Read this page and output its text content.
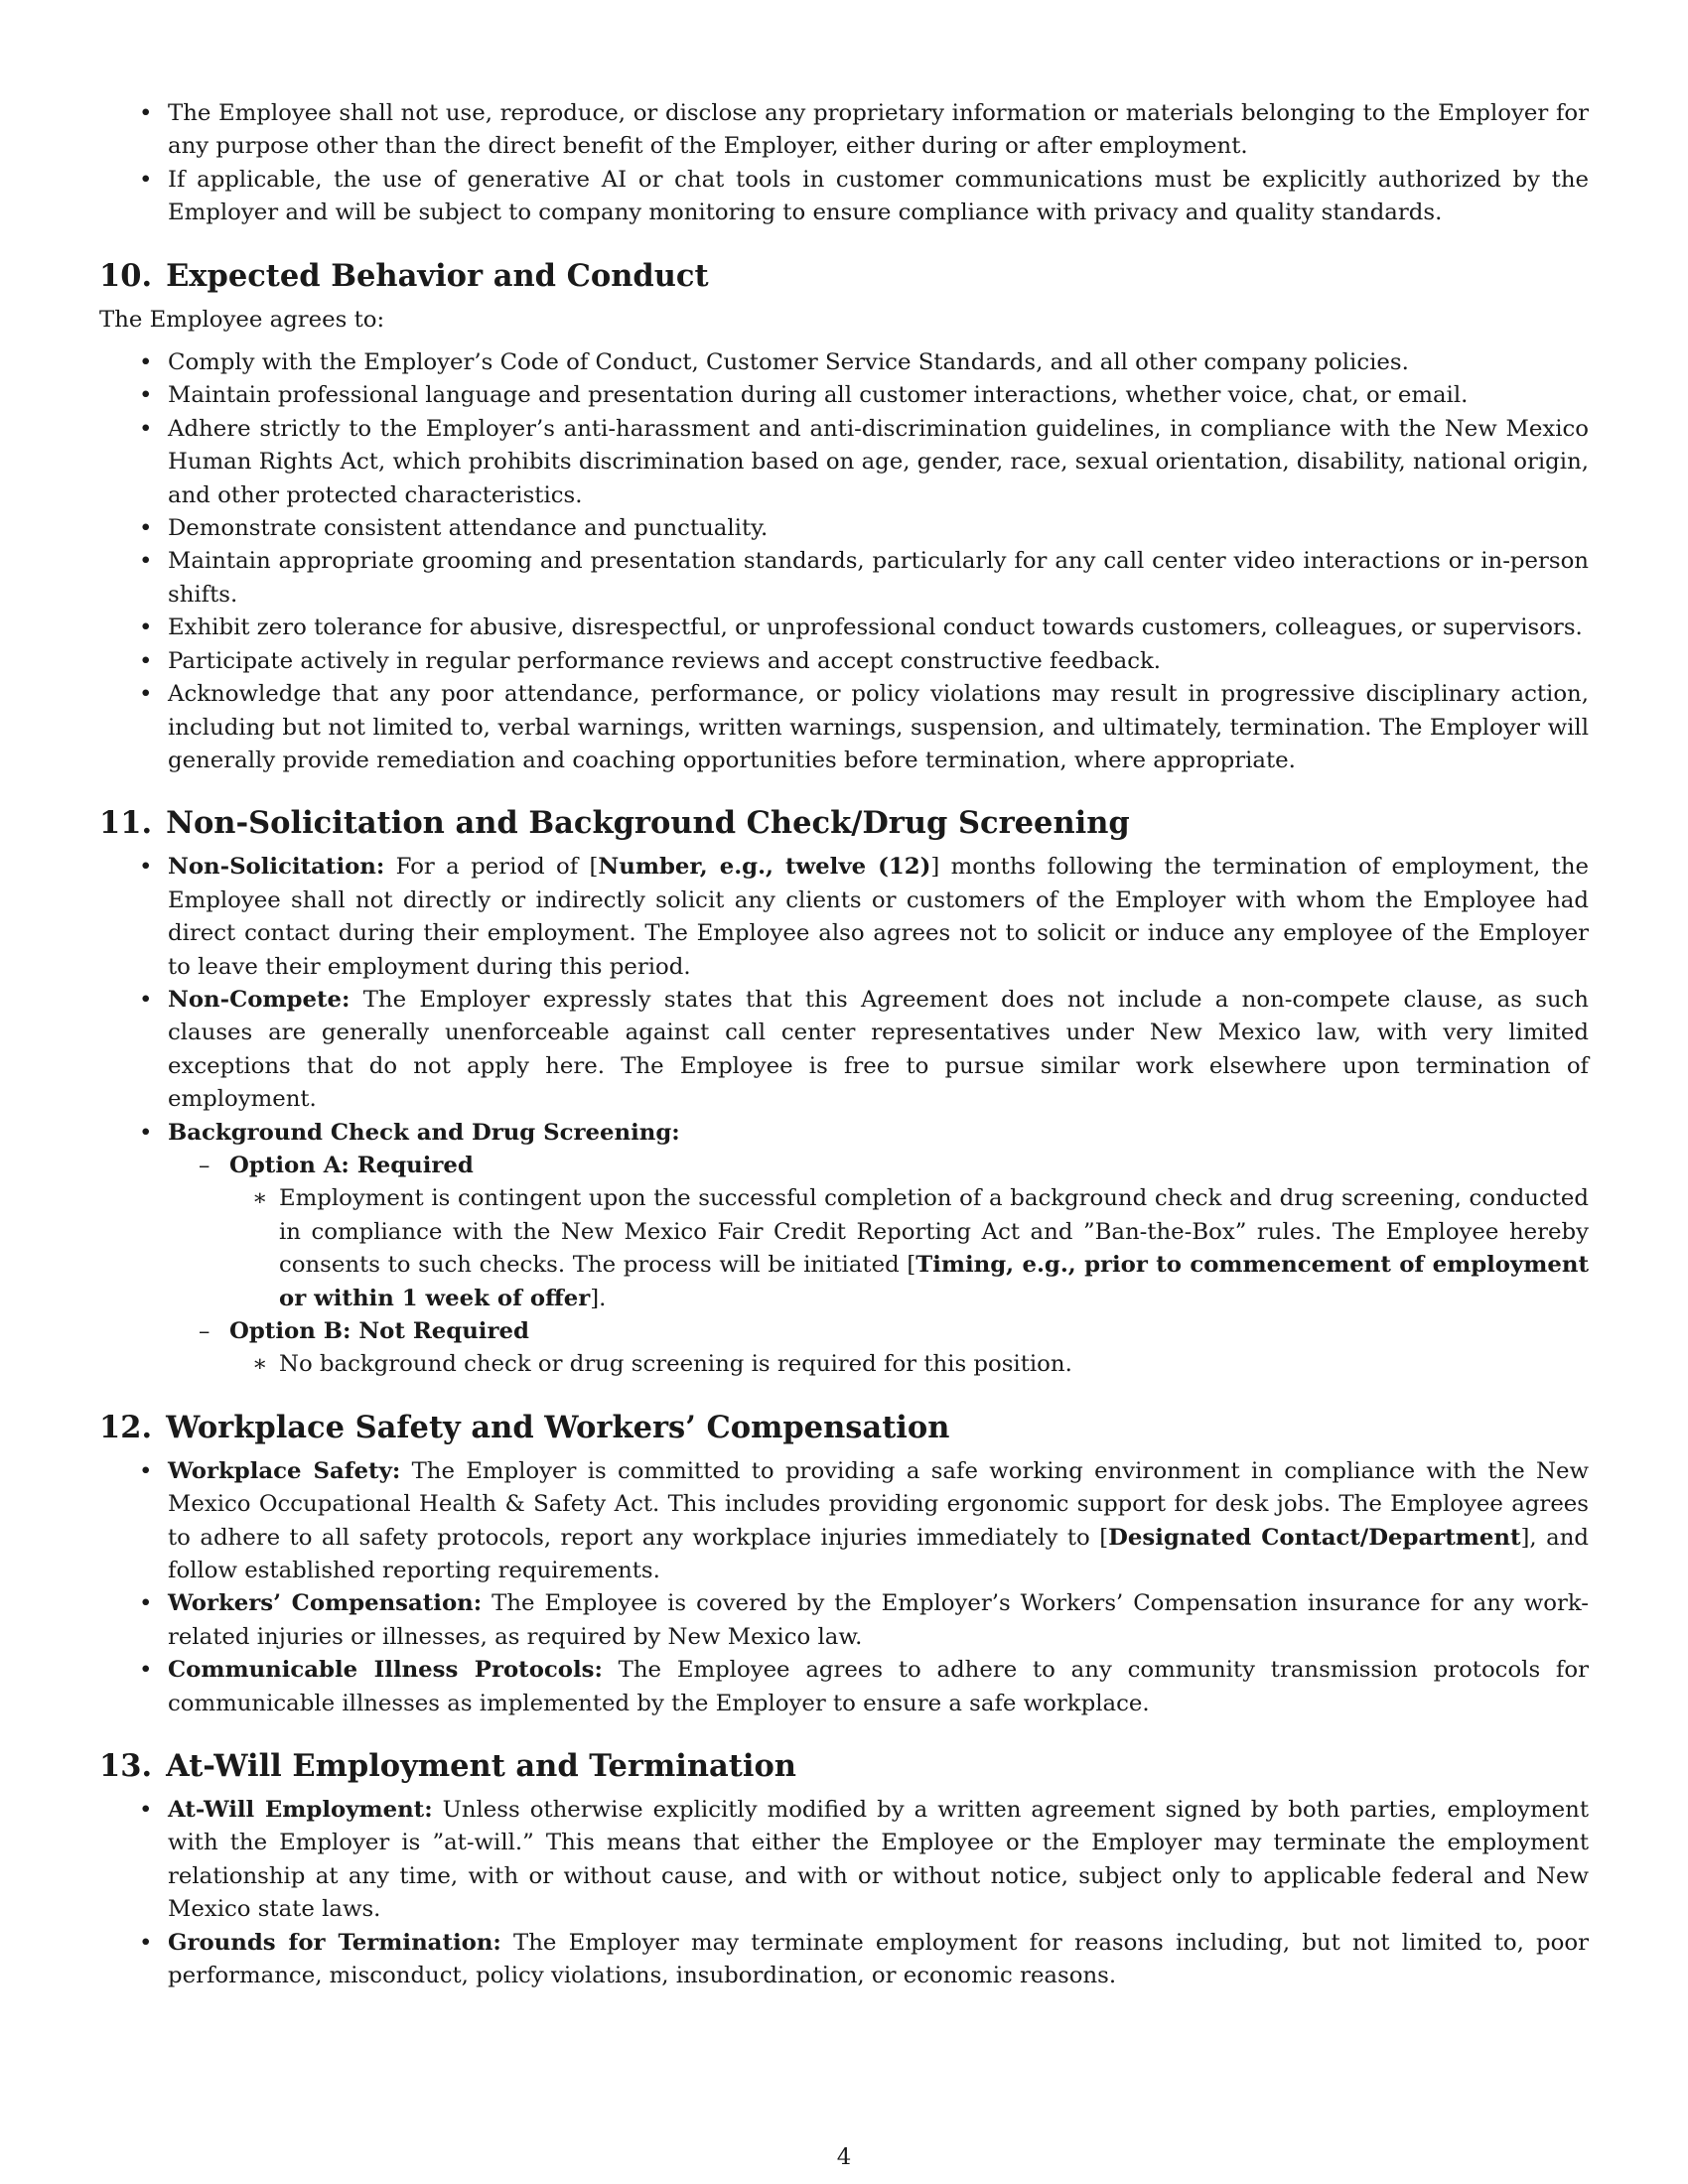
• The Employee shall not use, reproduce, or disclose any proprietary information or materials belonging to the Employer for any purpose other than the direct benefit of the Employer, either during or after employment.
• If applicable, the use of generative AI or chat tools in customer communications must be explicitly authorized by the Employer and will be subject to company monitoring to ensure compliance with privacy and quality standards.
10. Expected Behavior and Conduct

The Employee agrees to:

• Comply with the Employer’s Code of Conduct, Customer Service Standards, and all other company policies.
• Maintain professional language and presentation during all customer interactions, whether voice, chat, or email.
• Adhere strictly to the Employer’s anti-harassment and anti-discrimination guidelines, in compliance with the New Mexico Human Rights Act, which prohibits discrimination based on age, gender, race, sexual orientation, disability, national origin, and other protected characteristics.
• Demonstrate consistent attendance and punctuality.
• Maintain appropriate grooming and presentation standards, particularly for any call center video interactions or in-person shifts.
• Exhibit zero tolerance for abusive, disrespectful, or unprofessional conduct towards customers, colleagues, or supervisors.
• Participate actively in regular performance reviews and accept constructive feedback.
• Acknowledge that any poor attendance, performance, or policy violations may result in progressive disciplinary action, including but not limited to, verbal warnings, written warnings, suspension, and ultimately, termination. The Employer will generally provide remediation and coaching opportunities before termination, where appropriate.
11. Non-Solicitation and Background Check/Drug Screening
• Non-Solicitation: For a period of [Number, e.g., twelve (12)] months following the termination of employment, the Employee shall not directly or indirectly solicit any clients or customers of the Employer with whom the Employee had direct contact during their employment. The Employee also agrees not to solicit or induce any employee of the Employer to leave their employment during this period.
• Non-Compete: The Employer expressly states that this Agreement does not include a non-compete clause, as such clauses are generally unenforceable against call center representatives under New Mexico law, with very limited exceptions that do not apply here. The Employee is free to pursue similar work elsewhere upon termination of employment.
• Background Check and Drug Screening:
– Option A: Required
∗ Employment is contingent upon the successful completion of a background check and drug screening, conducted in compliance with the New Mexico Fair Credit Reporting Act and ”Ban-the-Box” rules. The Employee hereby consents to such checks. The process will be initiated [Timing, e.g., prior to commencement of employment or within 1 week of offer].
– Option B: Not Required
∗ No background check or drug screening is required for this position.
12. Workplace Safety and Workers’ Compensation
• Workplace Safety: The Employer is committed to providing a safe working environment in compliance with the New Mexico Occupational Health & Safety Act. This includes providing ergonomic support for desk jobs. The Employee agrees to adhere to all safety protocols, report any workplace injuries immediately to [Designated Contact/Department], and follow established reporting requirements.
• Workers’ Compensation: The Employee is covered by the Employer’s Workers’ Compensation insurance for any work-related injuries or illnesses, as required by New Mexico law.
• Communicable Illness Protocols: The Employee agrees to adhere to any community transmission protocols for communicable illnesses as implemented by the Employer to ensure a safe workplace.
13. At-Will Employment and Termination
• At-Will Employment: Unless otherwise explicitly modified by a written agreement signed by both parties, employment with the Employer is ”at-will.” This means that either the Employee or the Employer may terminate the employment relationship at any time, with or without cause, and with or without notice, subject only to applicable federal and New Mexico state laws.
• Grounds for Termination: The Employer may terminate employment for reasons including, but not limited to, poor performance, misconduct, policy violations, insubordination, or economic reasons.
4
